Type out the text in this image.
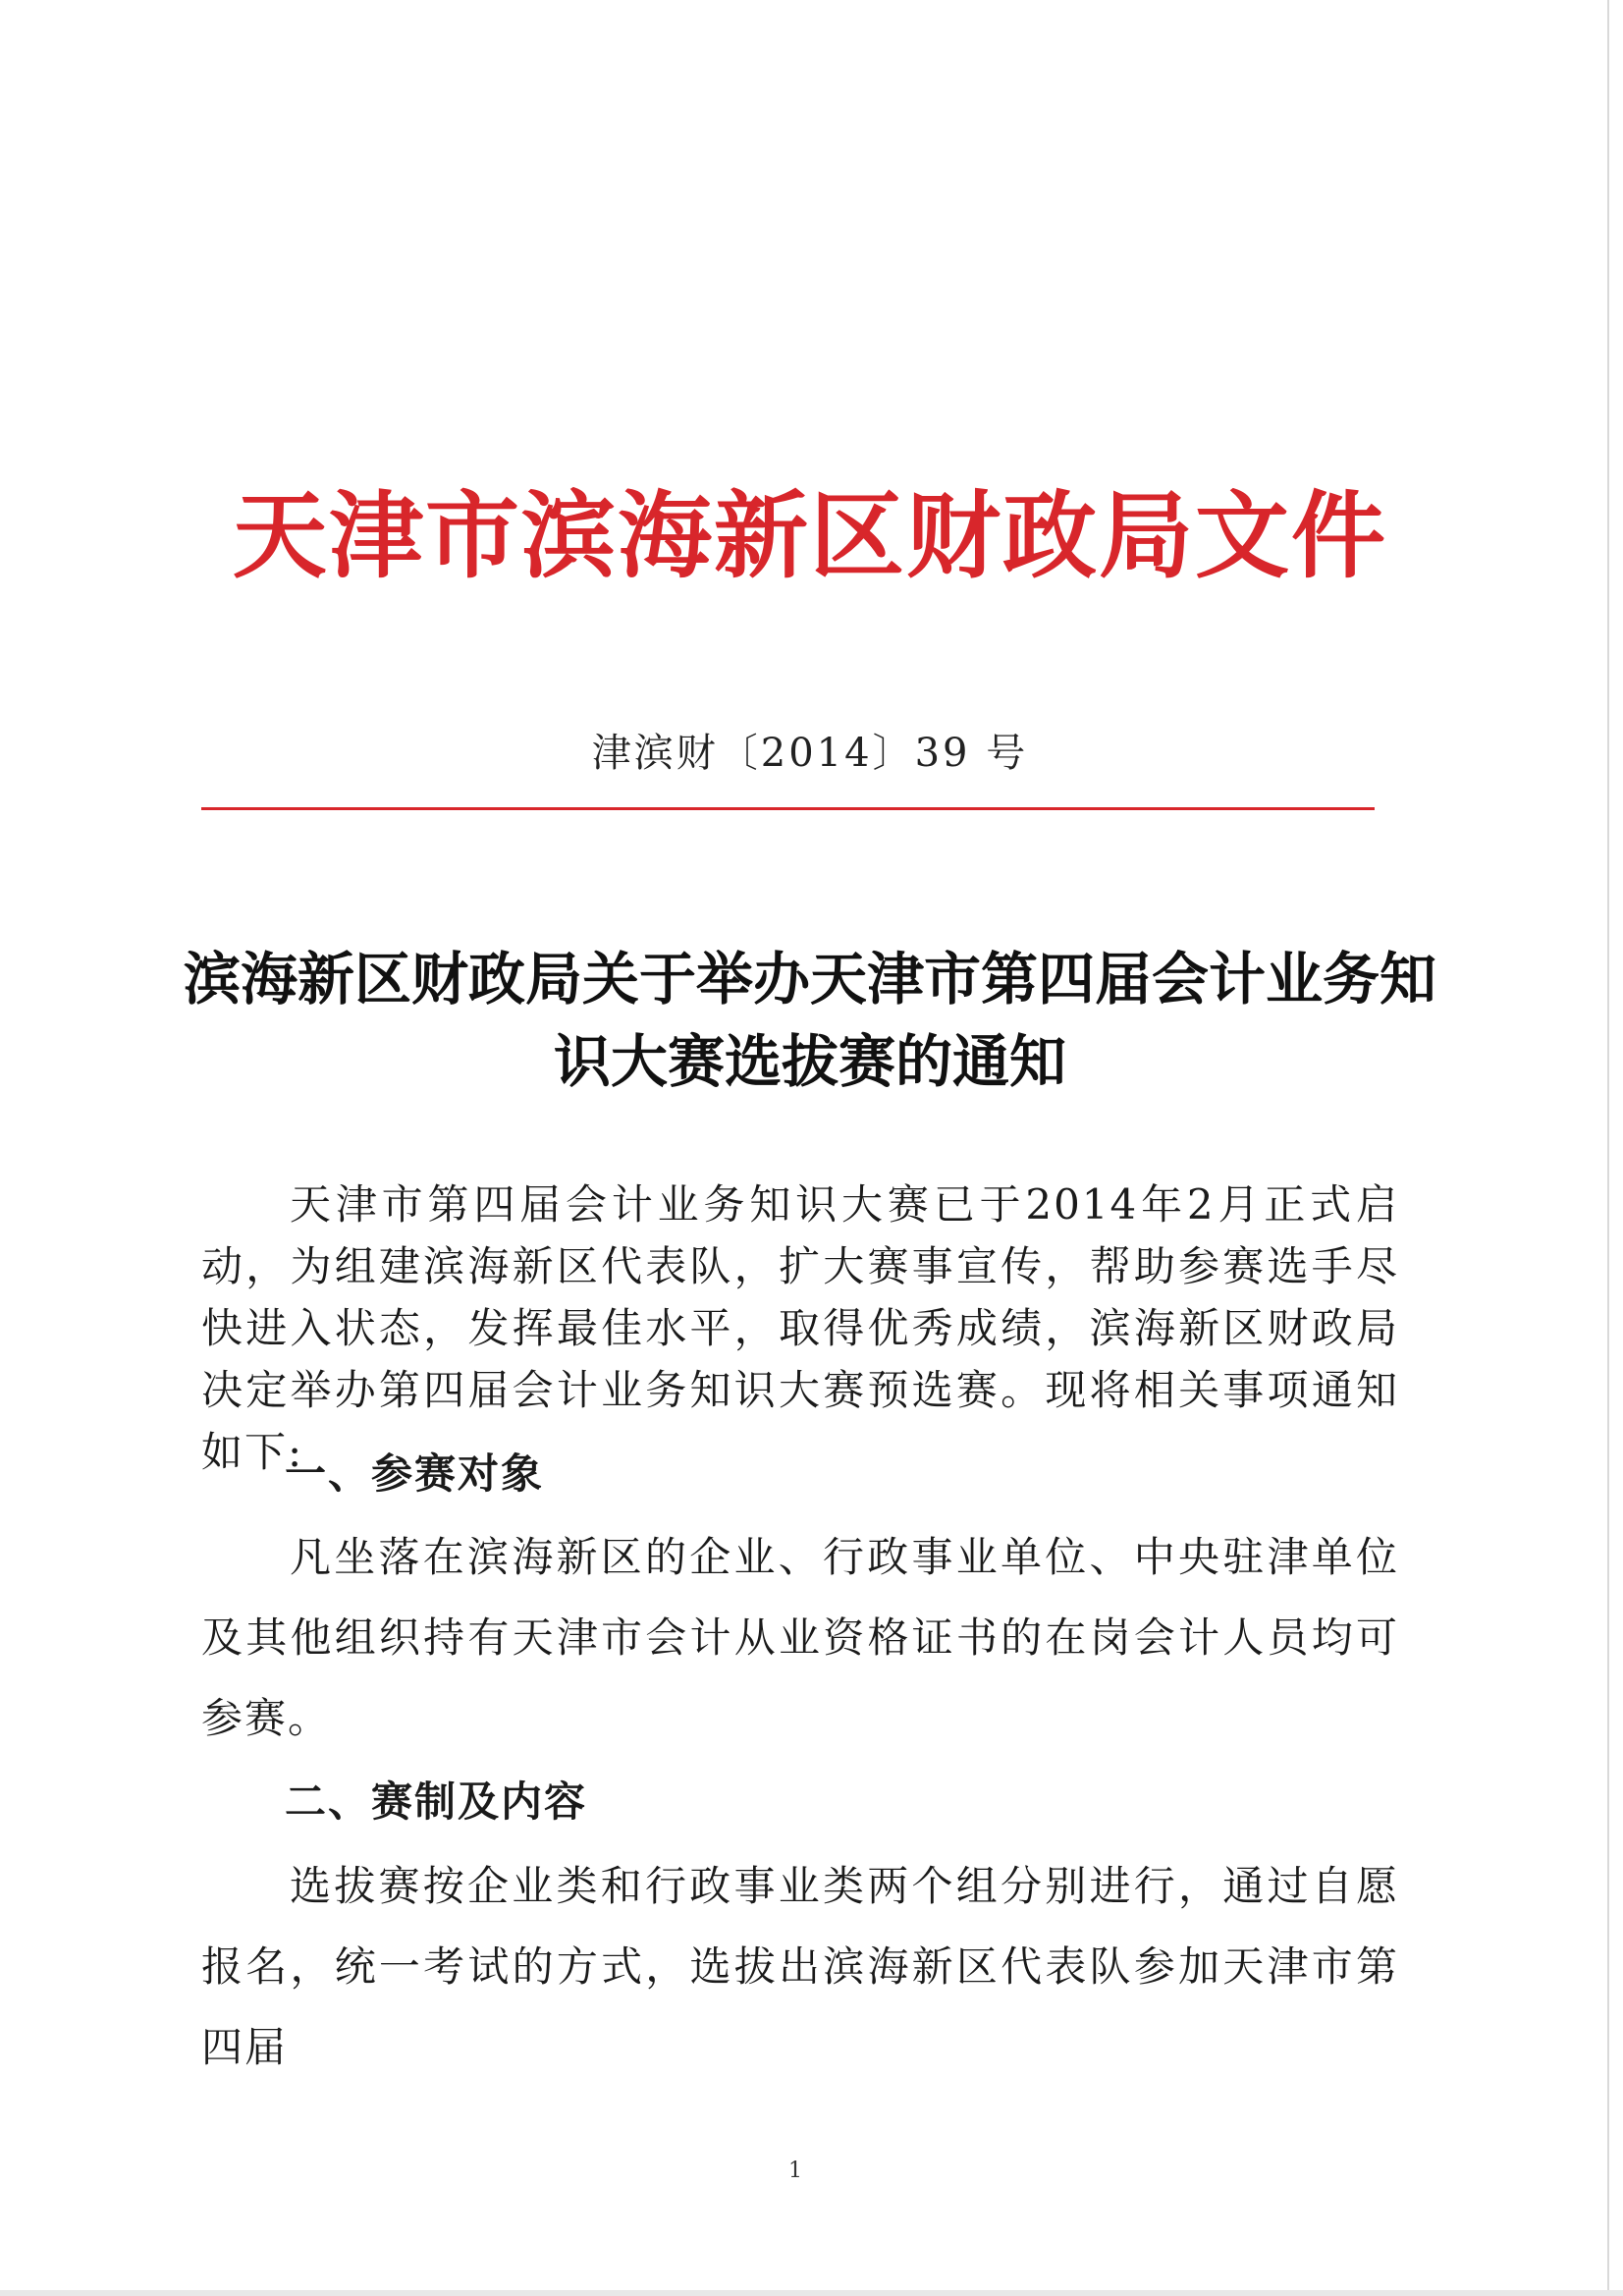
天津市滨海新区财政局文件
津滨财〔2014〕39 号
滨海新区财政局关于举办天津市第四届会计业务知识大赛选拔赛的通知
天津市第四届会计业务知识大赛已于2014年2月正式启动，为组建滨海新区代表队，扩大赛事宣传，帮助参赛选手尽快进入状态，发挥最佳水平，取得优秀成绩，滨海新区财政局决定举办第四届会计业务知识大赛预选赛。现将相关事项通知如下:
一、参赛对象
凡坐落在滨海新区的企业、行政事业单位、中央驻津单位及其他组织持有天津市会计从业资格证书的在岗会计人员均可参赛。
二、赛制及内容
选拔赛按企业类和行政事业类两个组分别进行，通过自愿报名，统一考试的方式，选拔出滨海新区代表队参加天津市第四届
1
